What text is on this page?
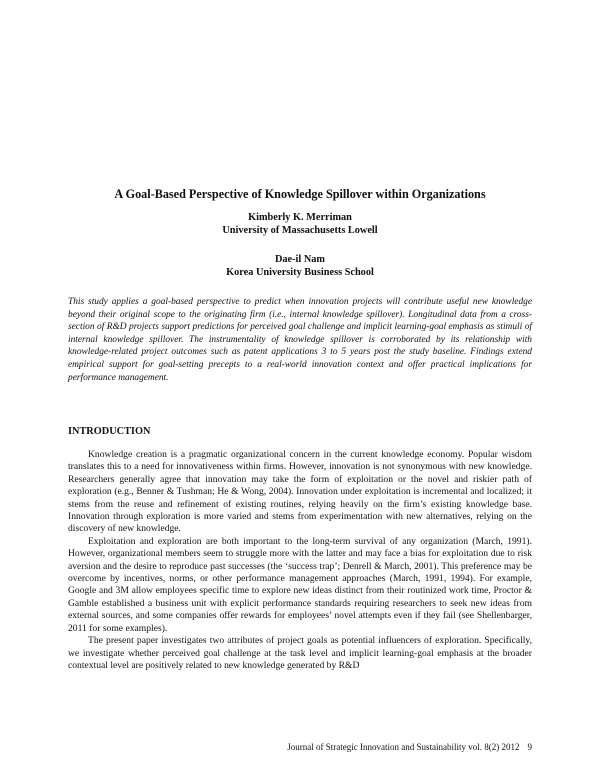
A Goal-Based Perspective of Knowledge Spillover within Organizations
Kimberly K. Merriman
University of Massachusetts Lowell
Dae-il Nam
Korea University Business School

This study applies a goal-based perspective to predict when innovation projects will contribute useful new knowledge beyond their original scope to the originating firm (i.e., internal knowledge spillover). Longitudinal data from a cross-section of R&D projects support predictions for perceived goal challenge and implicit learning-goal emphasis as stimuli of internal knowledge spillover. The instrumentality of knowledge spillover is corroborated by its relationship with knowledge-related project outcomes such as patent applications 3 to 5 years post the study baseline. Findings extend empirical support for goal-setting precepts to a real-world innovation context and offer practical implications for performance management.

INTRODUCTION

Knowledge creation is a pragmatic organizational concern in the current knowledge economy. Popular wisdom translates this to a need for innovativeness within firms. However, innovation is not synonymous with new knowledge. Researchers generally agree that innovation may take the form of exploitation or the novel and riskier path of exploration (e.g., Benner & Tushman; He & Wong, 2004). Innovation under exploitation is incremental and localized; it stems from the reuse and refinement of existing routines, relying heavily on the firm’s existing knowledge base. Innovation through exploration is more varied and stems from experimentation with new alternatives, relying on the discovery of new knowledge.

Exploitation and exploration are both important to the long-term survival of any organization (March, 1991). However, organizational members seem to struggle more with the latter and may face a bias for exploitation due to risk aversion and the desire to reproduce past successes (the ‘success trap’; Denrell & March, 2001). This preference may be overcome by incentives, norms, or other performance management approaches (March, 1991, 1994). For example, Google and 3M allow employees specific time to explore new ideas distinct from their routinized work time, Proctor & Gamble established a business unit with explicit performance standards requiring researchers to seek new ideas from external sources, and some companies offer rewards for employees’ novel attempts even if they fail (see Shellenbarger, 2011 for some examples).

The present paper investigates two attributes of project goals as potential influencers of exploration. Specifically, we investigate whether perceived goal challenge at the task level and implicit learning-goal emphasis at the broader contextual level are positively related to new knowledge generated by R&D

Journal of Strategic Innovation and Sustainability vol. 8(2) 2012 9
